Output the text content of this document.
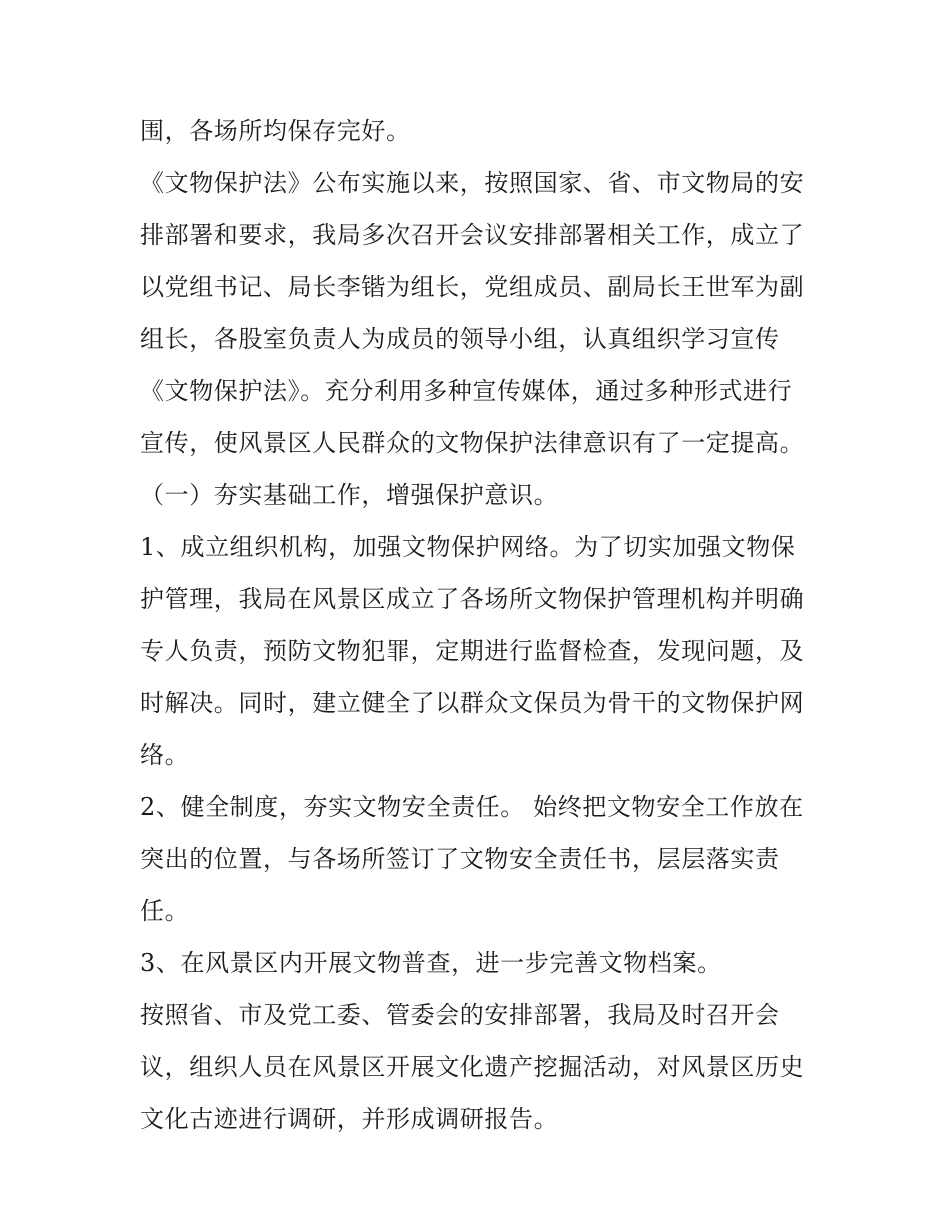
围，各场所均保存完好。
《文物保护法》公布实施以来，按照国家、省、市文物局的安
排部署和要求，我局多次召开会议安排部署相关工作，成立了
以党组书记、局长李锴为组长，党组成员、副局长王世军为副
组长，各股室负责人为成员的领导小组，认真组织学习宣传
《文物保护法》。充分利用多种宣传媒体，通过多种形式进行
宣传，使风景区人民群众的文物保护法律意识有了一定提高。
（一）夯实基础工作，增强保护意识。
1、成立组织机构，加强文物保护网络。为了切实加强文物保
护管理，我局在风景区成立了各场所文物保护管理机构并明确
专人负责，预防文物犯罪，定期进行监督检查，发现问题，及
时解决。同时，建立健全了以群众文保员为骨干的文物保护网
络。
2、健全制度，夯实文物安全责任。 始终把文物安全工作放在
突出的位置，与各场所签订了文物安全责任书，层层落实责
任。
3、在风景区内开展文物普查，进一步完善文物档案。
按照省、市及党工委、管委会的安排部署，我局及时召开会
议，组织人员在风景区开展文化遗产挖掘活动，对风景区历史
文化古迹进行调研，并形成调研报告。
